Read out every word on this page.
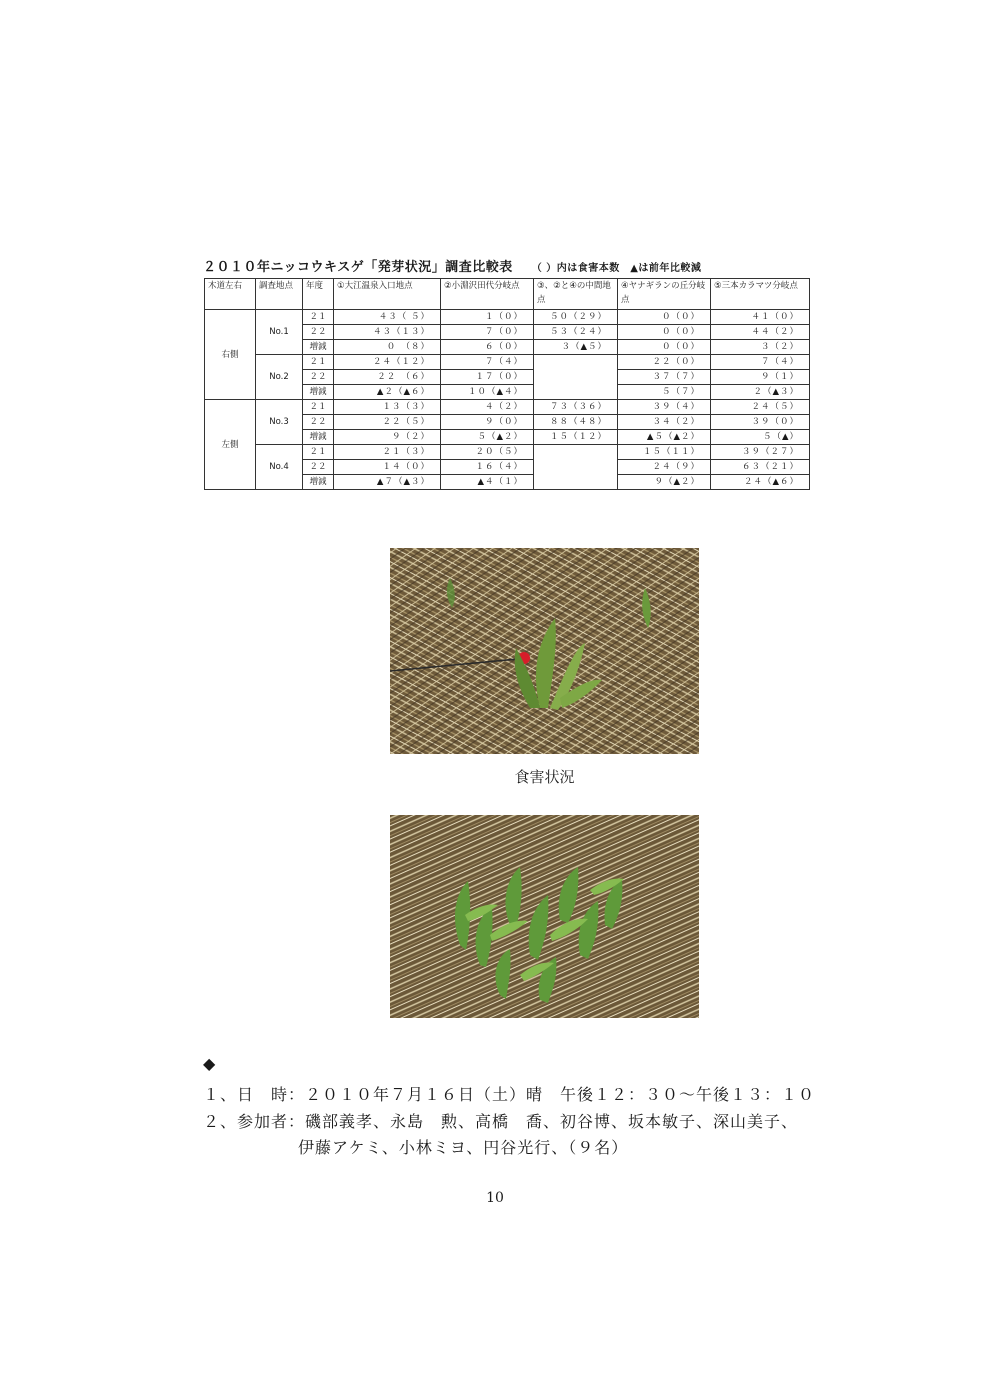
２０１０年ニッコウキスゲ「発芽状況」調査比較表 （ ）内は食害本数　▲は前年比較減
木道左右	調査地点	年度	①大江温泉入口地点	②小淵沢田代分岐点	③、②と④の中間地点	④ヤナギランの丘分岐点	⑤三本カラマツ分岐点
右側	No.1	２１	４３（ ５）	１（０）	５０（２９）	０（０）	４１（０）
		２２	４３（１３）	７（０）	５３（２４）	０（０）	４４（２）
		増減	０　（８）	６（０）	３（▲５）	０（０）	３（２）
	No.2	２１	２４（１２）	７（４）		２２（０）	７（４）
		２２	２２　（６）	１７（０）		３７（７）	９（１）
		増減	▲２（▲６）	１０（▲４）		５（７）	２（▲３）
左側	No.3	２１	１３（３）	４（２）	７３（３６）	３９（４）	２４（５）
		２２	２２（５）	９（０）	８８（４８）	３４（２）	３９（０）
		増減	９（２）	５（▲２）	１５（１２）	▲５（▲２）	５（▲）
	No.4	２１	２１（３）	２０（５）		１５（１１）	３９（２７）
		２２	１４（０）	１６（４）		２４（９）	６３（２１）
		増減	▲７（▲３）	▲４（１）		９（▲２）	２４（▲６）
食害状況
◆
１、日　時：２０１０年７月１６日（土）晴　午後１２：３０〜午後１３：１０
２、参加者：磯部義孝、永島　勲、高橋　喬、初谷博、坂本敏子、深山美子、
伊藤アケミ、小林ミヨ、円谷光行、（９名）
10
